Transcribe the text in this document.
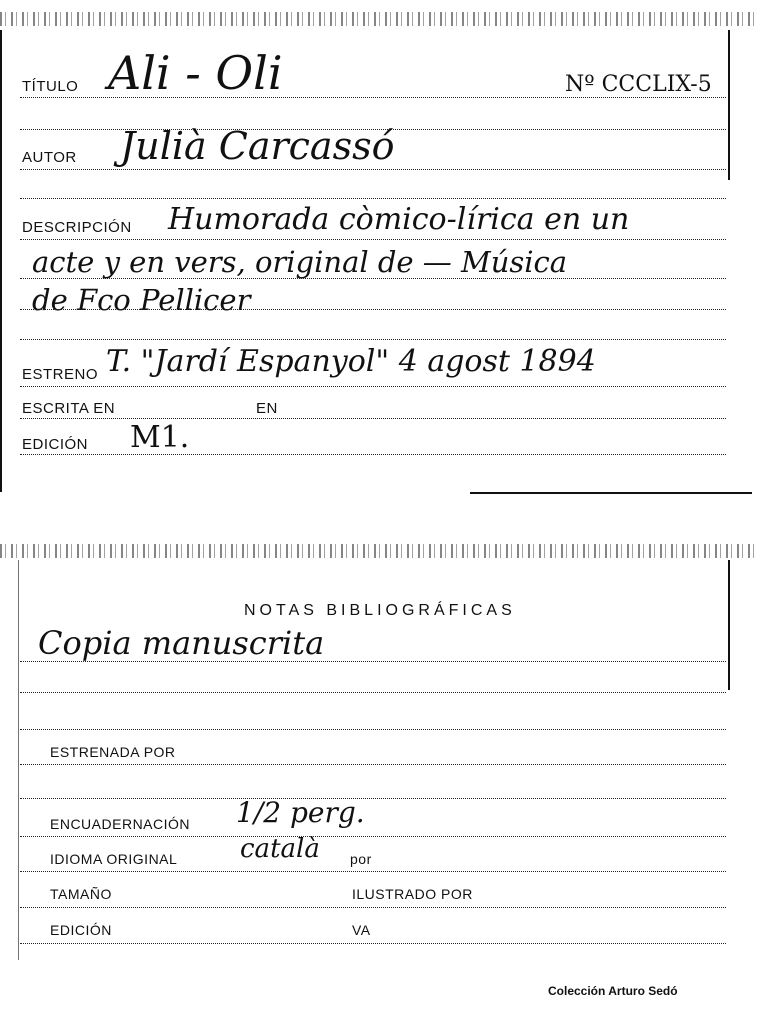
TÍTULO Ali - Oli	Nº CCCLIX-5
AUTOR Julià Carcassó
DESCRIPCIÓN Humorada còmico-lírica en un
acte y en vers, original de — Música
de Fco Pellicer
ESTRENO T. "Jardí Espanyol" 4 agost 1894
ESCRITA EN	EN
EDICIÓN M1.
NOTAS BIBLIOGRÁFICAS
Copia manuscrita
ESTRENADA POR
ENCUADERNACIÓN 1/2 perg.
IDIOMA ORIGINAL català por
TAMAÑO	ILUSTRADO POR
EDICIÓN	VA
Colección Arturo Sedó
